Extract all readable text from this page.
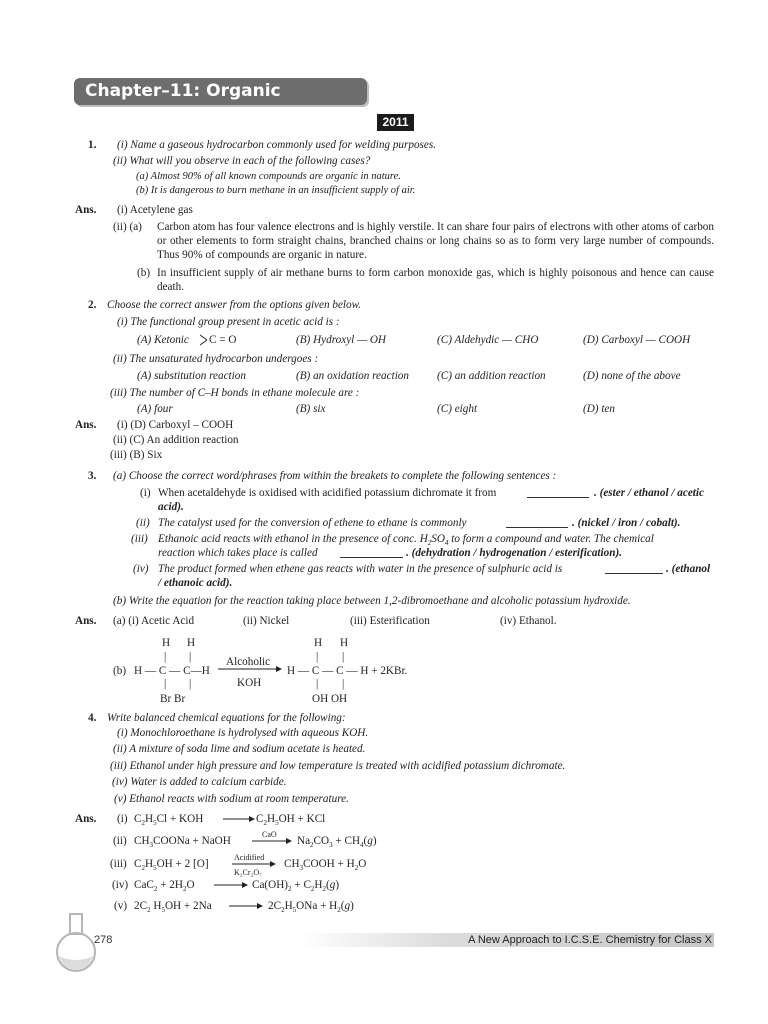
Chapter–11: Organic Chemistry	2011
1. (i) Name a gaseous hydrocarbon commonly used for welding purposes.
(ii) What will you observe in each of the following cases?
(a) Almost 90% of all known compounds are organic in nature.
(b) It is dangerous to burn methane in an insufficient supply of air.
Ans. (i) Acetylene gas
(ii) (a) Carbon atom has four valence electrons and is highly verstile. It can share four pairs of electrons with other atoms of carbon or other elements to form straight chains, branched chains or long chains so as to form very large number of compounds. Thus 90% of compounds are organic in nature.
(b) In insufficient supply of air methane burns to form carbon monoxide gas, which is highly poisonous and hence can cause death.
2. Choose the correct answer from the options given below.
(i) The functional group present in acetic acid is :
(A) Ketonic	C = O	(B) Hydroxyl — OH	(C) Aldehydic — CHO	(D) Carboxyl — COOH
(ii) The unsaturated hydrocarbon undergoes :
(A) substitution reaction	(B) an oxidation reaction	(C) an addition reaction	(D) none of the above
(iii) The number of C–H bonds in ethane molecule are :
(A) four	(B) six	(C) eight	(D) ten
Ans. (i) (D) Carboxyl – COOH
(ii) (C) An addition reaction
(iii) (B) Six
3. (a) Choose the correct word/phrases from within the breakets to complete the following sentences :
(i) When acetaldehyde is oxidised with acidified potassium dichromate it from	. (ester / ethanol / acetic
acid).
(ii) The catalyst used for the conversion of ethene to ethane is commonly	. (nickel / iron / cobalt).
(iii) Ethanoic acid reacts with ethanol in the presence of conc. $H_2SO_4$ to form a compound and water. The chemical
reaction which takes place is called	. (dehydration / hydrogenation / esterification).
(iv) The product formed when ethene gas reacts with water in the presence of sulphuric acid is	. (ethanol
/ ethanoic acid).
(b) Write the equation for the reaction taking place between 1,2-dibromoethane and alcoholic potassium hydroxide.
Ans. (a) (i) Acetic Acid	(ii) Nickel	(iii) Esterification	(iv) Ethanol.
(b)
H H
| |
H — C — C—H
| |
Br Br
Alcoholic
KOH
H H
| |
H — C — C — H + 2KBr.
| |
OH OH
4. Write balanced chemical equations for the following:
(i) Monochloroethane is hydrolysed with aqueous KOH.
(ii) A mixture of soda lime and sodium acetate is heated.
(iii) Ethanol under high pressure and low temperature is treated with acidified potassium dichromate.
(iv) Water is added to calcium carbide.
(v) Ethanol reacts with sodium at room temperature.
Ans. (i) $C_2H_5Cl$ + KOH	$C_2H_5OH$ + KCl
(ii) $CH_3COONa$ + NaOH
CaO
$Na_2CO_3 + CH_4(g)$
(iii) $C_2H_5OH + 2$ [O]
Acidified
K₂Cr₂O₇
$CH_3COOH + H_2O$
(iv) $CaC_2 + 2H_2O$	$Ca(OH)_2 + C_2H_2(g)$
(v) $2C_2$ $H_5OH + 2Na$	$2C_2H_5ONa + H_2(g)$
278	A New Approach to I.C.S.E. Chemistry for Class X
